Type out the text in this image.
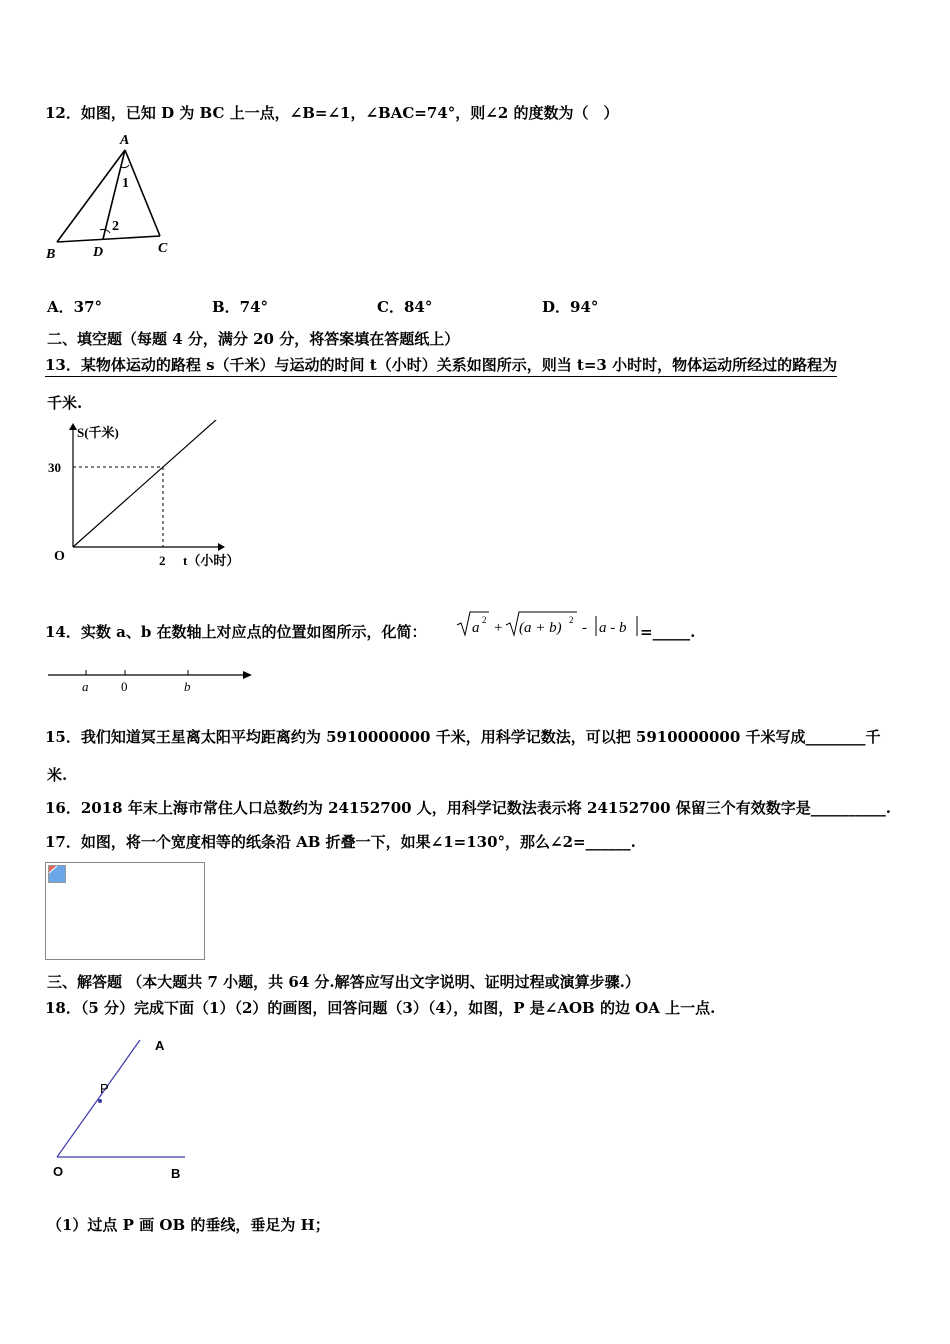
12．如图，已知 D 为 BC 上一点，∠B=∠1，∠BAC=74°，则∠2 的度数为（　）
A
B	C
D
1
2
A．37°	B．74°	C．84°	D．94°
二、填空题（每题 4 分，满分 20 分，将答案填在答题纸上）
13．某物体运动的路程 s（千米）与运动的时间 t（小时）关系如图所示，则当 t=3 小时时，物体运动所经过的路程为
千米.
S(千米)
t（小时）
O
30
2
14．实数 a、b 在数轴上对应点的位置如图所示，化简：	a 2 + (a + b) 2 - a - b =_____.
a	0	b
15．我们知道冥王星离太阳平均距离约为 5910000000 千米，用科学记数法，可以把 5910000000 千米写成________千
米.
16．2018 年末上海市常住人口总数约为 24152700 人，用科学记数法表示将 24152700 保留三个有效数字是__________.
17．如图，将一个宽度相等的纸条沿 AB 折叠一下，如果∠1=130°，那么∠2=______.
三、解答题 （本大题共 7 小题，共 64 分.解答应写出文字说明、证明过程或演算步骤.）
18．（5 分）完成下面（1）（2）的画图，回答问题（3）（4），如图，P 是∠AOB 的边 OA 上一点.
A
P
O	B
（1）过点 P 画 OB 的垂线，垂足为 H；
